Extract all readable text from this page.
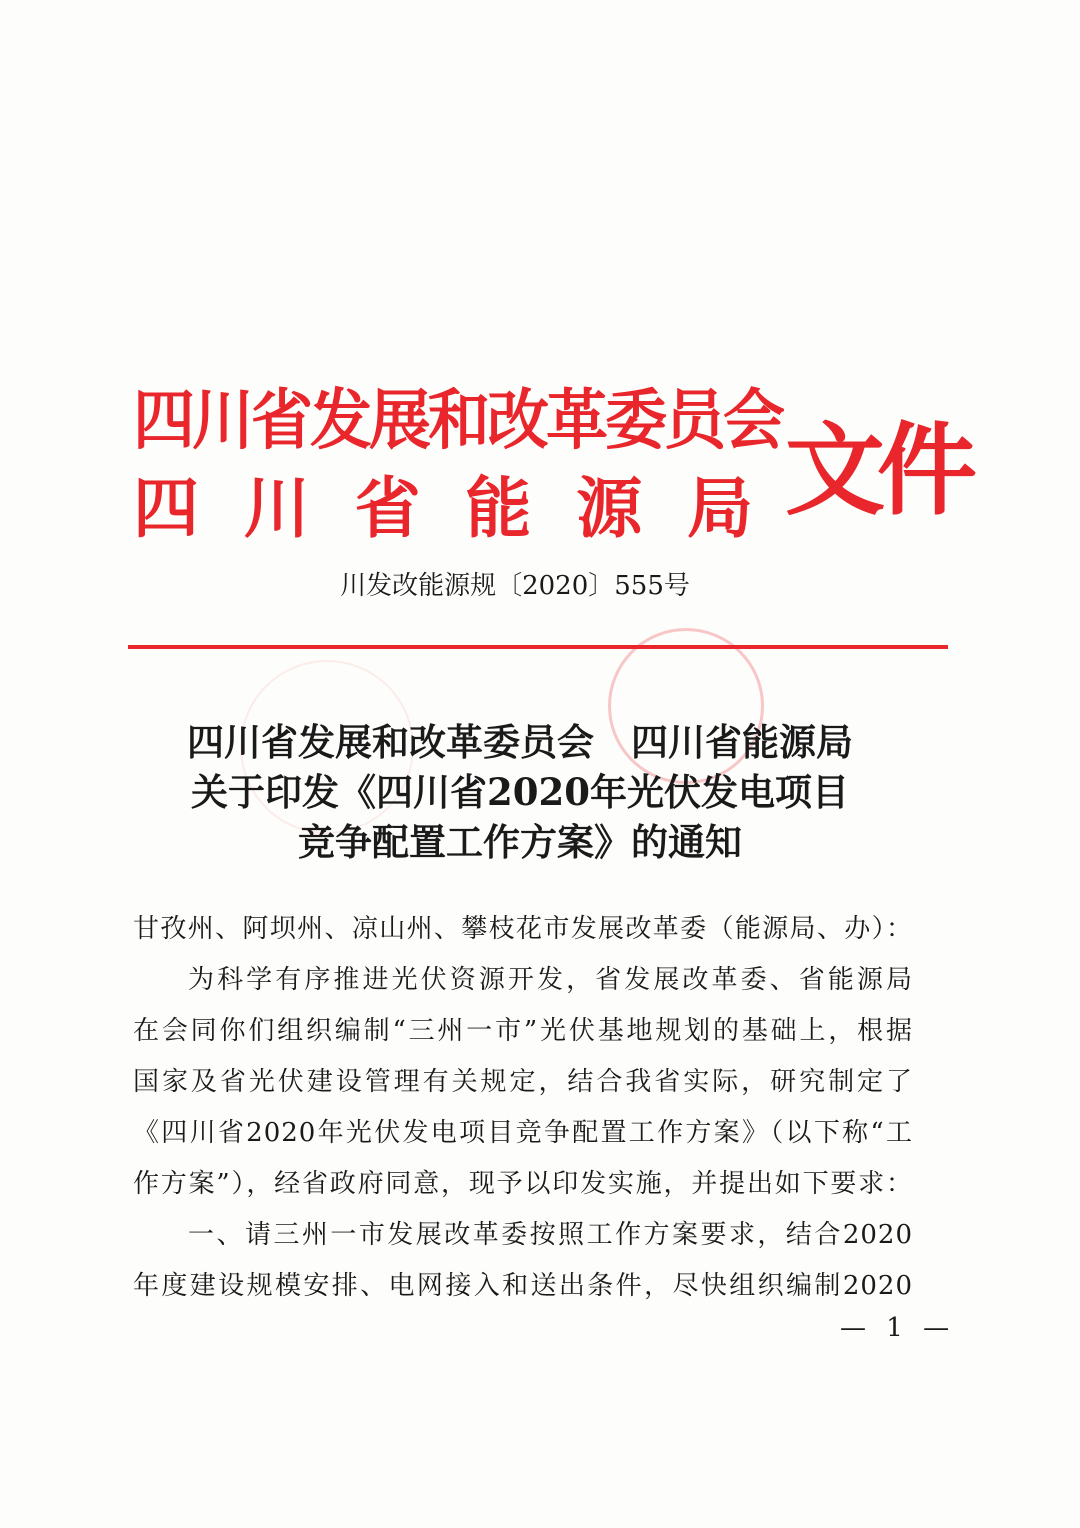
四川省发展和改革委员会
四 川 省 能 源 局 文件
川发改能源规〔2020〕555号
四川省发展和改革委员会　四川省能源局
关于印发《四川省2020年光伏发电项目
竞争配置工作方案》的通知
甘孜州、阿坝州、凉山州、攀枝花市发展改革委（能源局、办）：
为科学有序推进光伏资源开发，省发展改革委、省能源局
在会同你们组织编制“三州一市”光伏基地规划的基础上，根据
国家及省光伏建设管理有关规定，结合我省实际，研究制定了
《四川省2020年光伏发电项目竞争配置工作方案》（以下称“工
作方案”），经省政府同意，现予以印发实施，并提出如下要求：
一、请三州一市发展改革委按照工作方案要求，结合2020
年度建设规模安排、电网接入和送出条件，尽快组织编制2020
— 1 —
